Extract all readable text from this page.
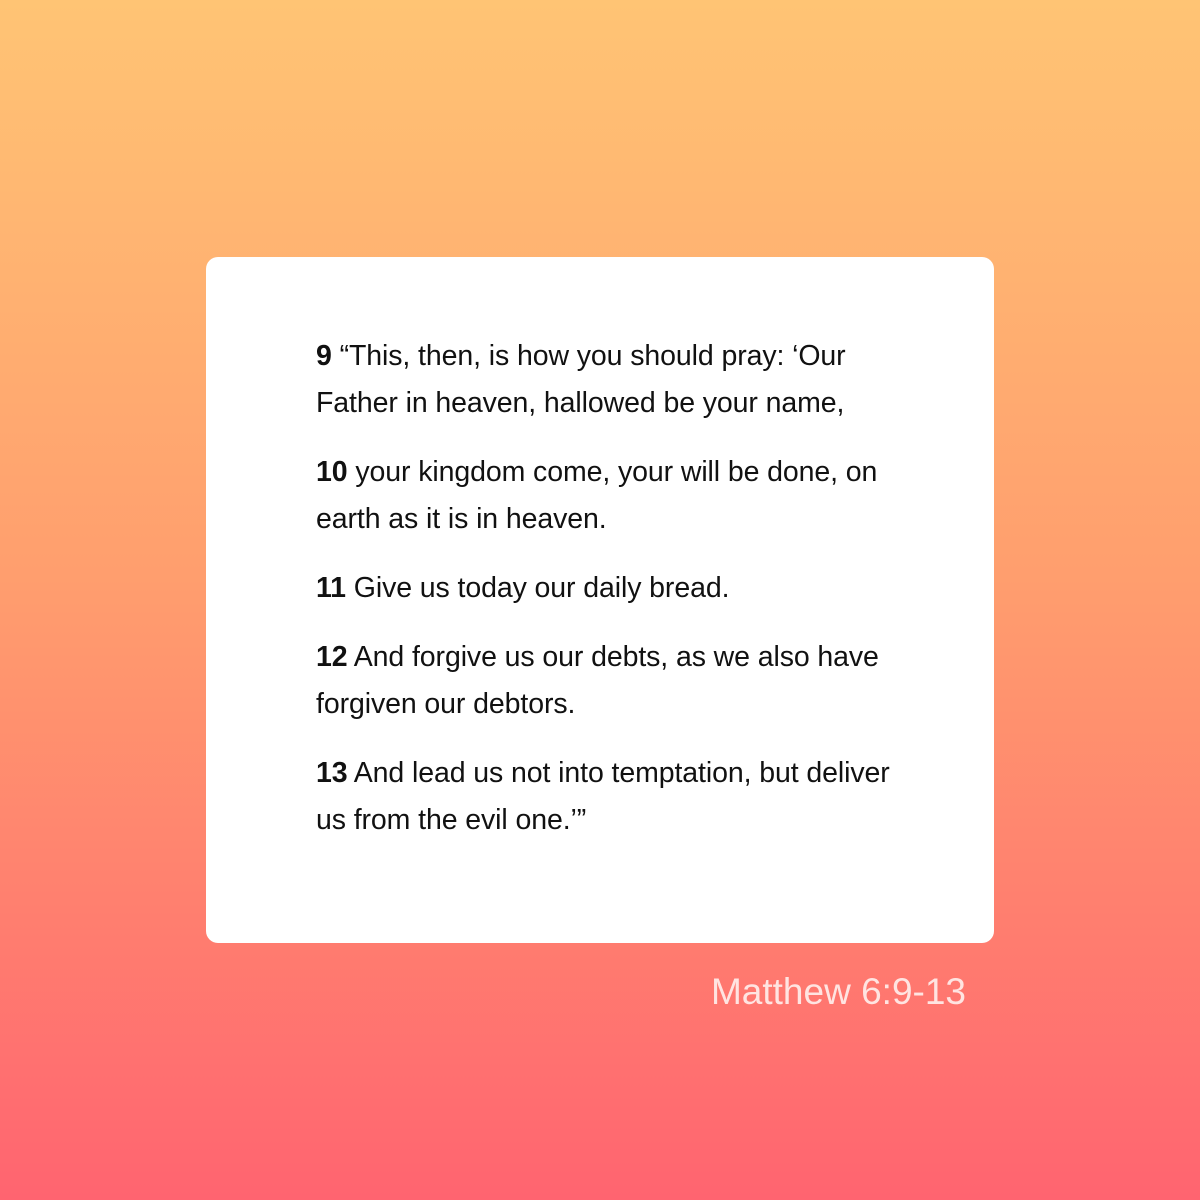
9 “This, then, is how you should pray: ‘Our Father in heaven, hallowed be your name,

10 your kingdom come, your will be done, on earth as it is in heaven.

11 Give us today our daily bread.

12 And forgive us our debts, as we also have forgiven our debtors.

13 And lead us not into temptation, but deliver us from the evil one.’”

Matthew 6:9-13
